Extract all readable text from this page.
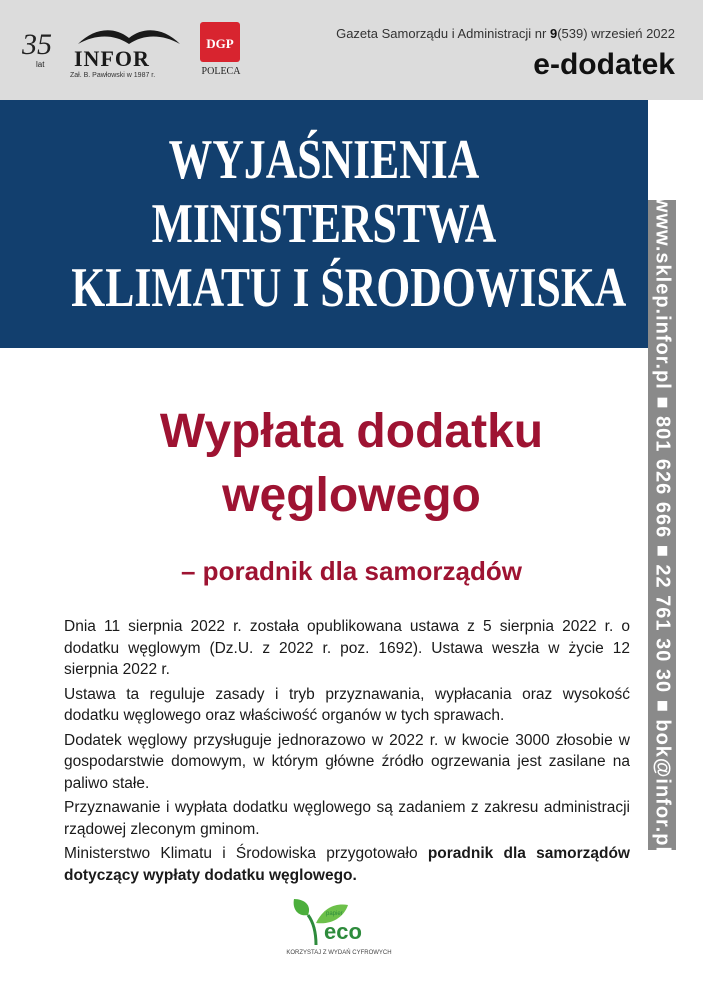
35
lat INFOR
Zał. B. Pawłowski w 1987 r.
DGP
POLECA
Gazeta Samorządu i Administracji nr 9(539) wrzesień 2022
e-dodatek
WYJAŚNIENIA
MINISTERSTWA
KLIMATU I ŚRODOWISKA www.sklep.infor.pl ■ 801 626 666 ■ 22 761 30 30 ■ bok@infor.pl
Wypłata dodatku
węglowego
– poradnik dla samorządów

Dnia 11 sierpnia 2022 r. została opublikowana ustawa z 5 sierpnia 2022 r. o dodatku węglowym (Dz.U. z 2022 r. poz. 1692). Ustawa weszła w życie 12 sierpnia 2022 r.

Ustawa ta reguluje zasady i tryb przyznawania, wypłacania oraz wysokość dodatku węglowego oraz właściwość organów w tych sprawach.

Dodatek węglowy przysługuje jednorazowo w 2022 r. w kwocie 3000 złosobie w gospodarstwie domowym, w którym główne źródło ogrzewania jest zasilane na paliwo stałe.

Przyznawanie i wypłata dodatku węglowego są zadaniem z zakresu administracji rządowej zleconym gminom.

Ministerstwo Klimatu i Środowiska przygotowało poradnik dla samorządów dotyczący wypłaty dodatku węglowego.

papier
eco
KORZYSTAJ Z WYDAŃ CYFROWYCH
